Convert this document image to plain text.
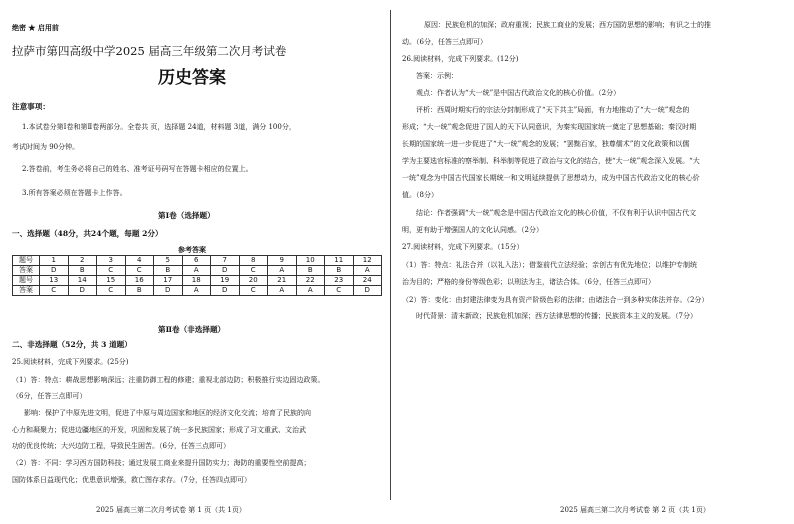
绝密 ★ 启用前
拉萨市第四高级中学2025 届高三年级第二次月考试卷
历史答案
注意事项：
1.本试卷分第Ⅰ卷和第Ⅱ卷两部分。全卷共 页，选择题 24道，材料题 3道，满分 100分，
考试时间为 90分钟。
2.答卷前，考生务必将自己的姓名、准考证号码写在答题卡相应的位置上。
3.所有答案必须在答题卡上作答。
第Ⅰ卷（选择题）
一、选择题（48分，共24个题，每题 2分）
参考答案
题号	1	2	3	4	5	6	7	8	9	10	11	12
答案	D	B	C	C	B	A	D	C	A	B	B	A
题号	13	14	15	16	17	18	19	20	21	22	23	24
答案	C	D	C	B	D	A	D	C	A	A	C	D
第Ⅱ卷（非选择题）
二、非选择题（52分，共 3 道题）
25.阅读材料，完成下列要求。(25分)
（1）答：特点：耕战思想影响深远；注重防御工程的修建；重视北部边防；积极推行实边固边政策。
（6分，任答三点即可）
影响：保护了中原先进文明，促进了中原与周边国家和地区的经济文化交流；培育了民族的向
心力和凝聚力；促进边疆地区的开发，巩固和发展了统一多民族国家；形成了习文重武、文治武
功的优良传统；大兴边防工程，导致民生困苦。（6分，任答三点即可）
（2）答：不同：学习西方国防科技；通过发展工商业来提升国防实力；海防的重要性空前提高；
国防体系日益现代化；优患意识增强，救亡图存求存。（7分，任答四点即可）
2025 届高三第二次月考试卷 第 1 页（共 1页）
原因：民族危机的加深；政府重视；民族工商业的发展；西方国防思想的影响；有识之士的推
动。（6分，任答三点即可）
26.阅读材料，完成下列要求。(12分)
答案：示例：
观点：作者认为“大一统”是中国古代政治文化的核心价值。（2分）
评析：西周时期实行的宗法分封制形成了“天下共主”局面，有力地推动了“大一统”观念的
形成；“大一统”观念促进了国人的天下认同意识，为秦实现国家统一奠定了思想基础；秦汉时期
长期的国家统一进一步促进了“大一统”观念的发展；“罢黜百家，独尊儒术”的文化政策和以儒
学为主要选官标准的察举制、科举制等促进了政治与文化的结合，使“大一统”观念深入发展。“大
一统”观念为中国古代国家长期统一和文明延续提供了思想动力，成为中国古代政治文化的核心价
值。（8分）
结论：作者强调“大一统”观念是中国古代政治文化的核心价值，不仅有利于认识中国古代文
明，更有助于增强国人的文化认同感。（2分）
27.阅读材料，完成下列要求。（15分）
（1）答：特点：礼法合并（以礼入法）；借鉴前代立法经验；亲创古有优先地位；以维护专制统
治为目的；严格的身份等级色彩；以刑法为主，诸法合体。（6分，任答三点即可）
（2）答：变化：由封建法律变为具有资产阶级色彩的法律；由诸法合一到多种实体法并存。（2分）
时代背景：清末新政；民族危机加深；西方法律思想的传播；民族资本主义的发展。（7分）
2025 届高三第二次月考试卷 第 2 页（共 1页）
